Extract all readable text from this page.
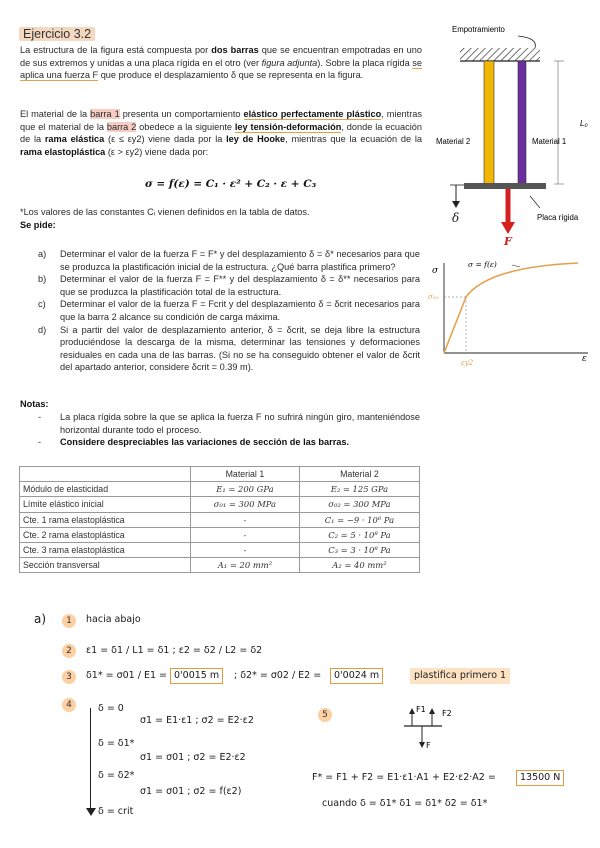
Ejercicio 3.2
La estructura de la figura está compuesta por dos barras que se encuentran empotradas en uno de sus extremos y unidas a una placa rígida en el otro (ver figura adjunta). Sobre la placa rígida se aplica una fuerza F que produce el desplazamiento δ que se representa en la figura.
El material de la barra 1 presenta un comportamiento elástico perfectamente plástico, mientras que el material de la barra 2 obedece a la siguiente ley tensión-deformación, donde la ecuación de la rama elástica (ε ≤ εy2) viene dada por la ley de Hooke, mientras que la ecuación de la rama elastoplástica (ε > εy2) viene dada por:
σ = f(ε) = C₁ · ε² + C₂ · ε + C₃
*Los valores de las constantes Cᵢ vienen definidos en la tabla de datos.
Se pide:
a) Determinar el valor de la fuerza F = F* y del desplazamiento δ = δ* necesarios para que se produzca la plastificación inicial de la estructura. ¿Qué barra plastifica primero?
b) Determinar el valor de la fuerza F = F** y del desplazamiento δ = δ** necesarios para que se produzca la plastificación total de la estructura.
c) Determinar el valor de la fuerza F = Fcrit y del desplazamiento δ = δcrit necesarios para que la barra 2 alcance su condición de carga máxima.
d) Si a partir del valor de desplazamiento anterior, δ = δcrit, se deja libre la estructura produciéndose la descarga de la misma, determinar las tensiones y deformaciones residuales en cada una de las barras. (Si no se ha conseguido obtener el valor de δcrit del apartado anterior, considere δcrit = 0.39 m).
Notas:
- La placa rígida sobre la que se aplica la fuerza F no sufrirá ningún giro, manteniéndose horizontal durante todo el proceso.
- Considere despreciables las variaciones de sección de las barras.
	Material 1	Material 2
Módulo de elasticidad	E₁ = 200 GPa	E₂ = 125 GPa
Límite elástico inicial	σ₀₁ = 300 MPa	σ₀₂ = 300 MPa
Cte. 1 rama elastoplástica	-	C₁ = −9 · 10⁶ Pa
Cte. 2 rama elastoplástica	-	C₂ = 5 · 10⁸ Pa
Cte. 3 rama elastoplástica	-	C₃ = 3 · 10⁸ Pa
Sección transversal	A₁ = 20 mm²	A₂ = 40 mm²
Empotramiento
L₀
Material 2	Material 1
δ
F
Placa rígida
σ
ε
σ₀₂
εy2
σ = f(ε)
a)	1	hacia abajo
2	ε1 = δ1 / L1 = δ1 ; ε2 = δ2 / L2 = δ2
3	δ1* = σ01 / E1 = 0'0015 m	; δ2* = σ02 / E2 =	0'0024 m	plastifica primero 1
4	δ = 0
σ1 = E1·ε1 ; σ2 = E2·ε2
δ = δ1*
σ1 = σ01 ; σ2 = E2·ε2
δ = δ2*
σ1 = σ01 ; σ2 = f(ε2)
δ = crit
5
F1 F2
F
F* = F1 + F2 = E1·ε1·A1 + E2·ε2·A2 =	13500 N
cuando δ = δ1* δ1 = δ1* δ2 = δ1*
